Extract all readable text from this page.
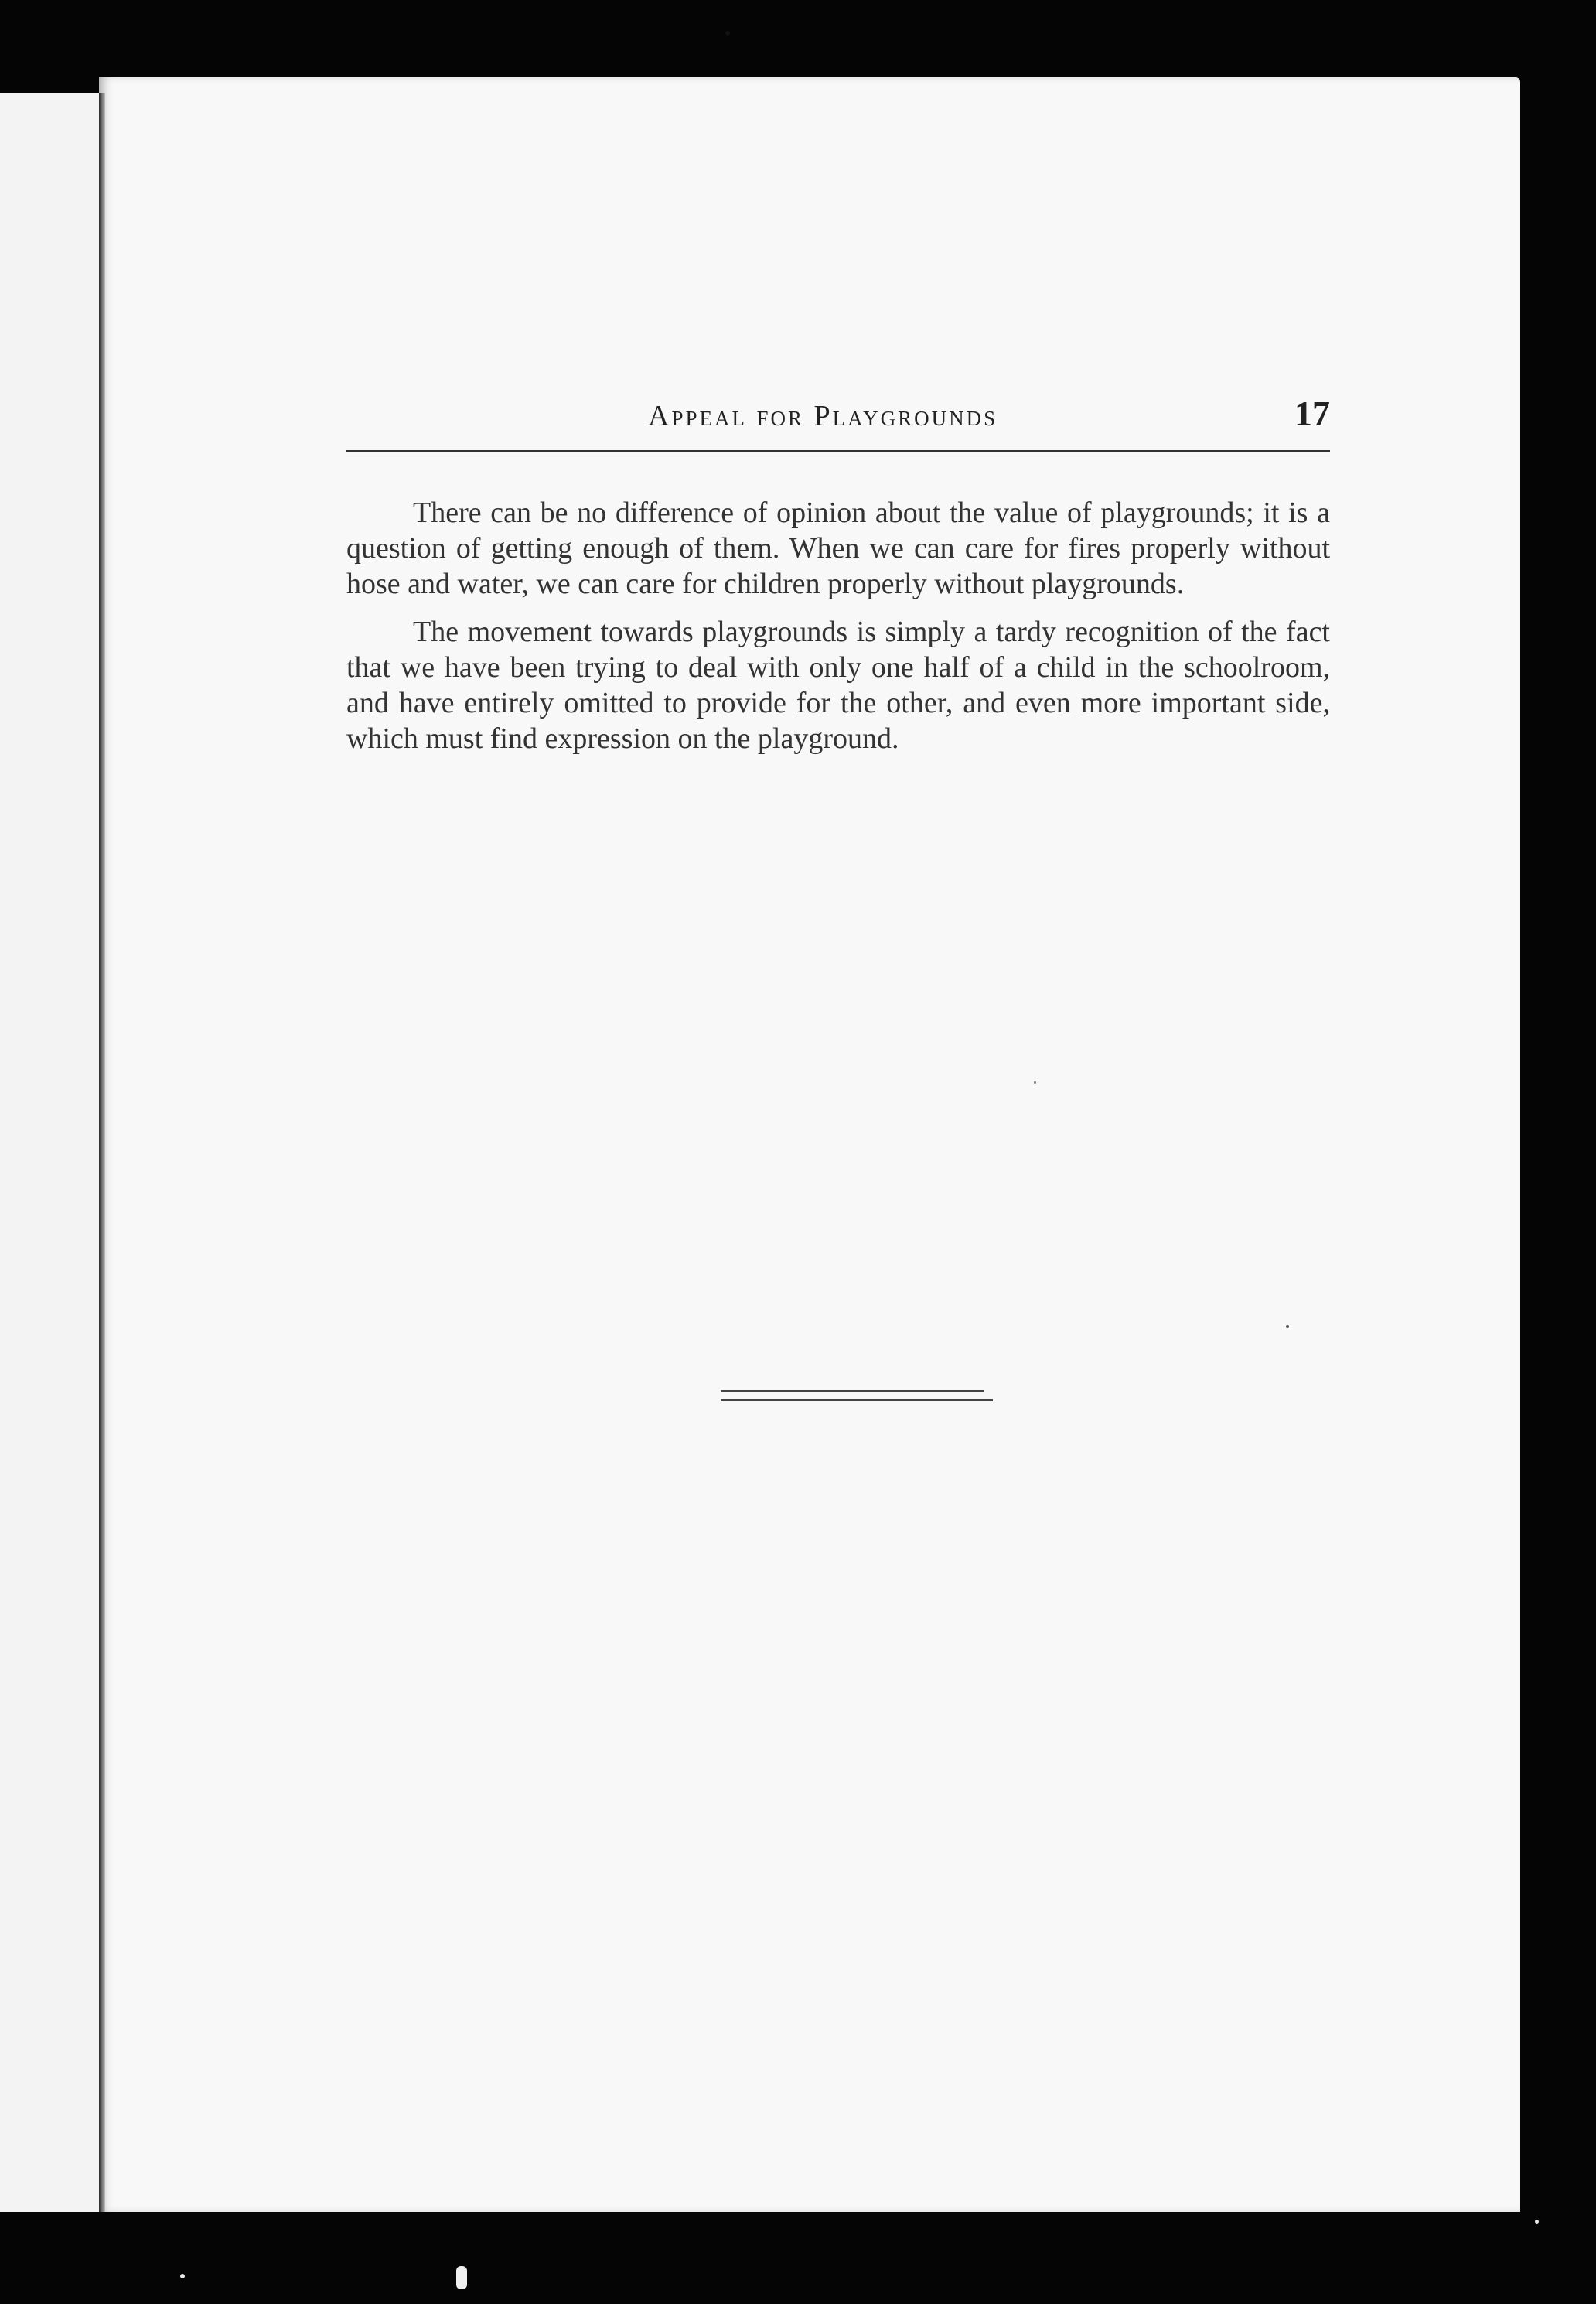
Appeal for Playgrounds	17

There can be no difference of opinion about the value of playgrounds; it is a question of getting enough of them. When we can care for fires properly without hose and water, we can care for children properly without playgrounds.

The movement towards playgrounds is simply a tardy recognition of the fact that we have been trying to deal with only one half of a child in the schoolroom, and have entirely omitted to provide for the other, and even more important side, which must find expression on the playground.
